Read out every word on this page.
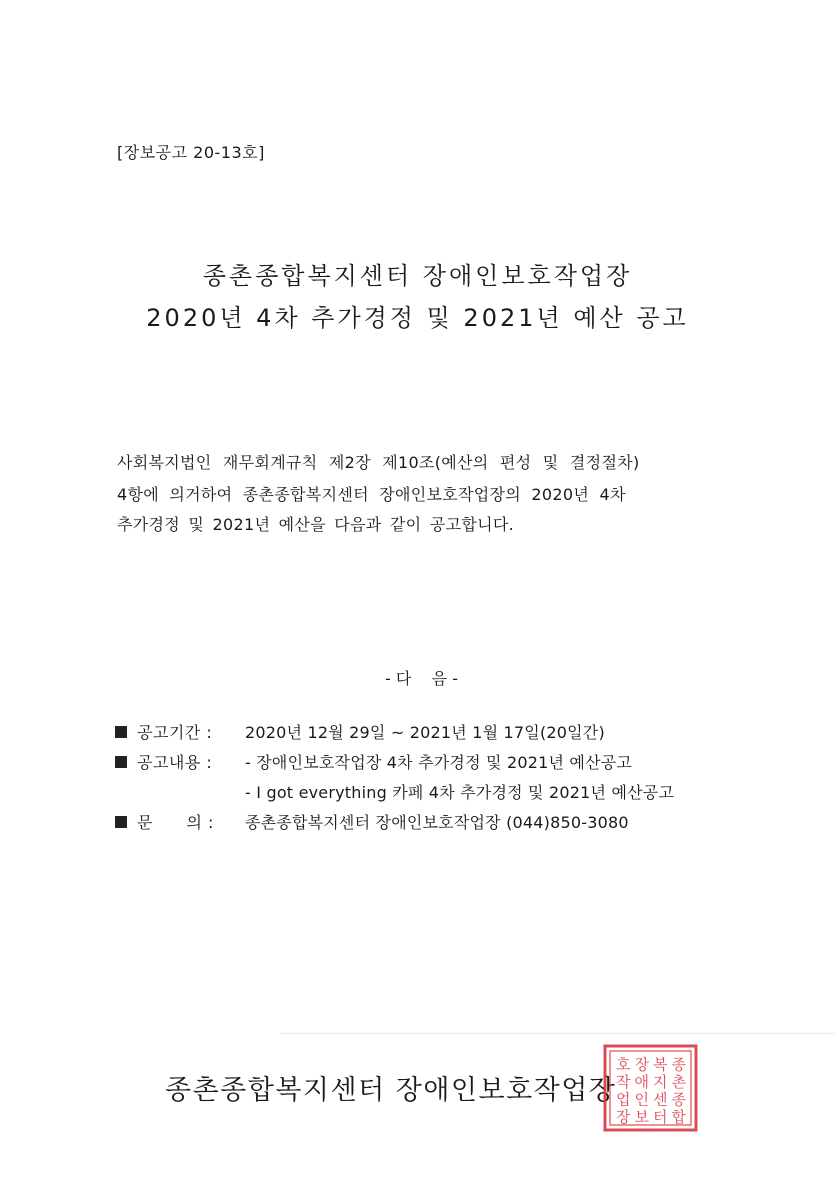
[장보공고 20-13호]
종촌종합복지센터 장애인보호작업장
2020년 4차 추가경정 및 2021년 예산 공고
사회복지법인 재무회계규칙 제2장 제10조(예산의 편성 및 결정절차)
4항에 의거하여 종촌종합복지센터 장애인보호작업장의 2020년 4차
추가경정 및 2021년 예산을 다음과 같이 공고합니다.
- 다    음 -
공고기간 :	2020년 12월 29일 ~ 2021년 1월 17일(20일간)
공고내용 :	- 장애인보호작업장 4차 추가경정 및 2021년 예산공고
- I got everything 카페 4차 추가경정 및 2021년 예산공고
문      의 :	종촌종합복지센터 장애인보호작업장 (044)850-3080
종촌종합복지센터 장애인보호작업장
종
촌
종
합
복
지
센
터
장
애
인
보
호
작
업
장
